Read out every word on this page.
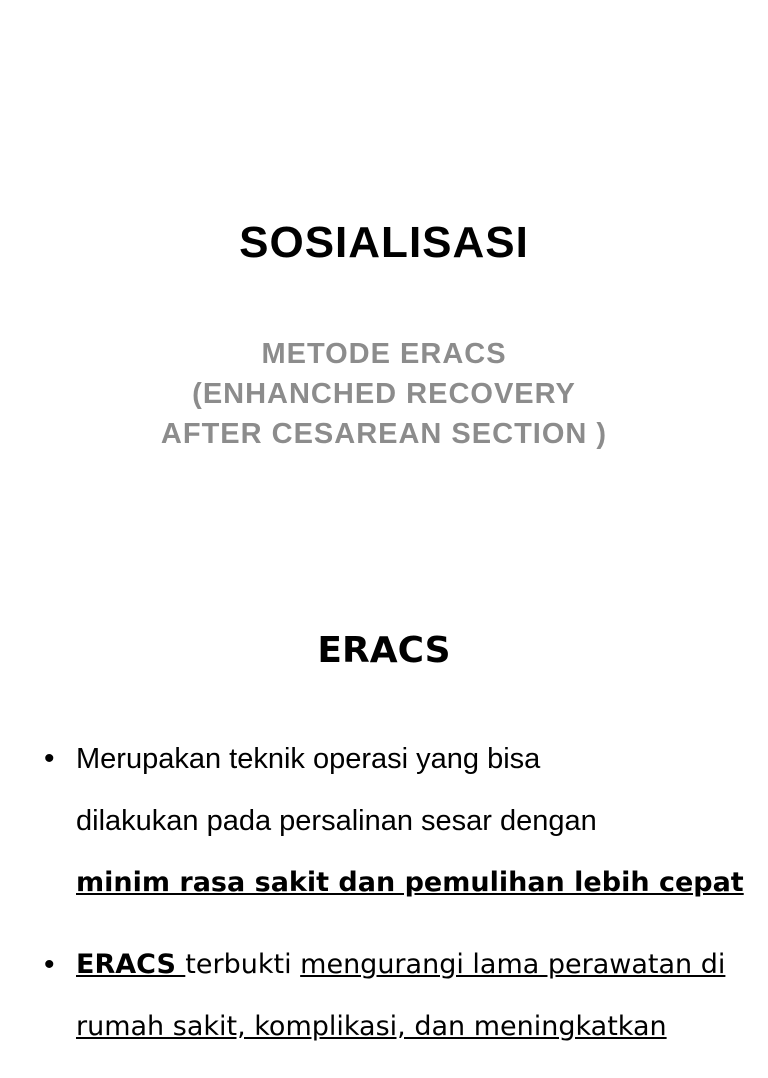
SOSIALISASI
METODE ERACS
(ENHANCHED RECOVERY
AFTER CESAREAN SECTION )
ERACS
• Merupakan teknik operasi yang bisa
dilakukan pada persalinan sesar dengan
minim rasa sakit dan pemulihan lebih cepat
• ERACS terbukti mengurangi lama perawatan di
rumah sakit, komplikasi, dan meningkatkan
